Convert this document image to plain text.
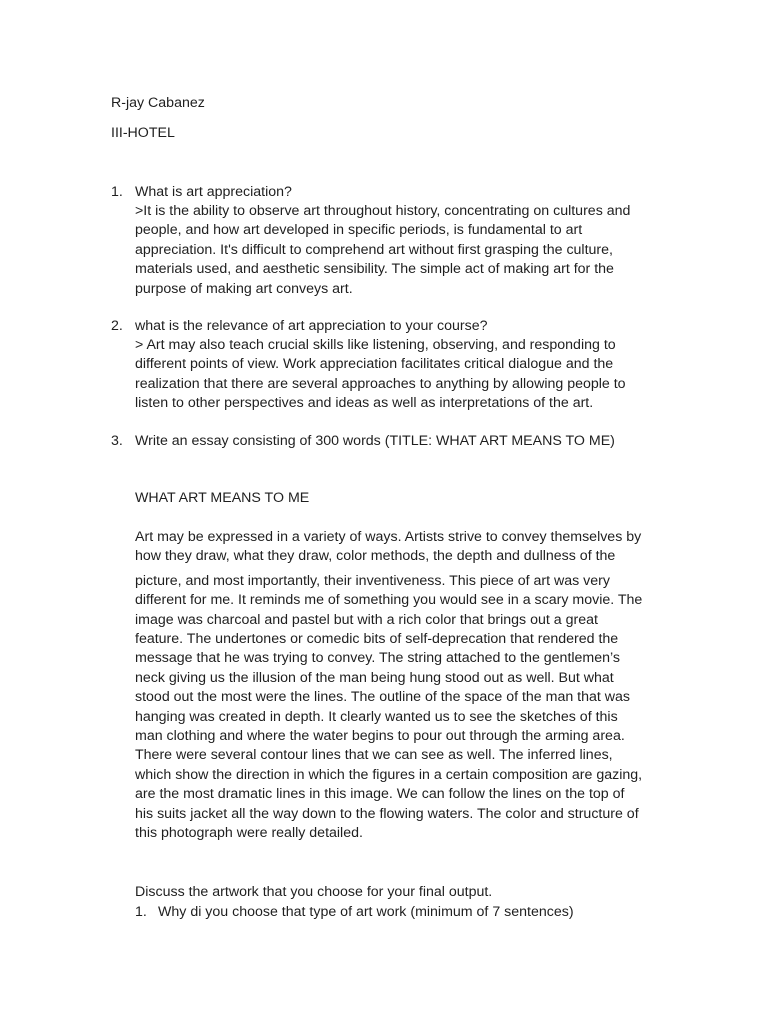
R-jay Cabanez
III-HOTEL
1. What is art appreciation?
>It is the ability to observe art throughout history, concentrating on cultures and
people, and how art developed in specific periods, is fundamental to art
appreciation. It's difficult to comprehend art without first grasping the culture,
materials used, and aesthetic sensibility. The simple act of making art for the
purpose of making art conveys art.
2. what is the relevance of art appreciation to your course?
> Art may also teach crucial skills like listening, observing, and responding to
different points of view. Work appreciation facilitates critical dialogue and the
realization that there are several approaches to anything by allowing people to
listen to other perspectives and ideas as well as interpretations of the art.
3. Write an essay consisting of 300 words (TITLE: WHAT ART MEANS TO ME)
WHAT ART MEANS TO ME
Art may be expressed in a variety of ways. Artists strive to convey themselves by
how they draw, what they draw, color methods, the depth and dullness of the
picture, and most importantly, their inventiveness. This piece of art was very
different for me. It reminds me of something you would see in a scary movie. The
image was charcoal and pastel but with a rich color that brings out a great
feature. The undertones or comedic bits of self-deprecation that rendered the
message that he was trying to convey. The string attached to the gentlemen’s
neck giving us the illusion of the man being hung stood out as well. But what
stood out the most were the lines. The outline of the space of the man that was
hanging was created in depth. It clearly wanted us to see the sketches of this
man clothing and where the water begins to pour out through the arming area.
There were several contour lines that we can see as well. The inferred lines,
which show the direction in which the figures in a certain composition are gazing,
are the most dramatic lines in this image. We can follow the lines on the top of
his suits jacket all the way down to the flowing waters. The color and structure of
this photograph were really detailed.
Discuss the artwork that you choose for your final output.
1. Why di you choose that type of art work (minimum of 7 sentences)
